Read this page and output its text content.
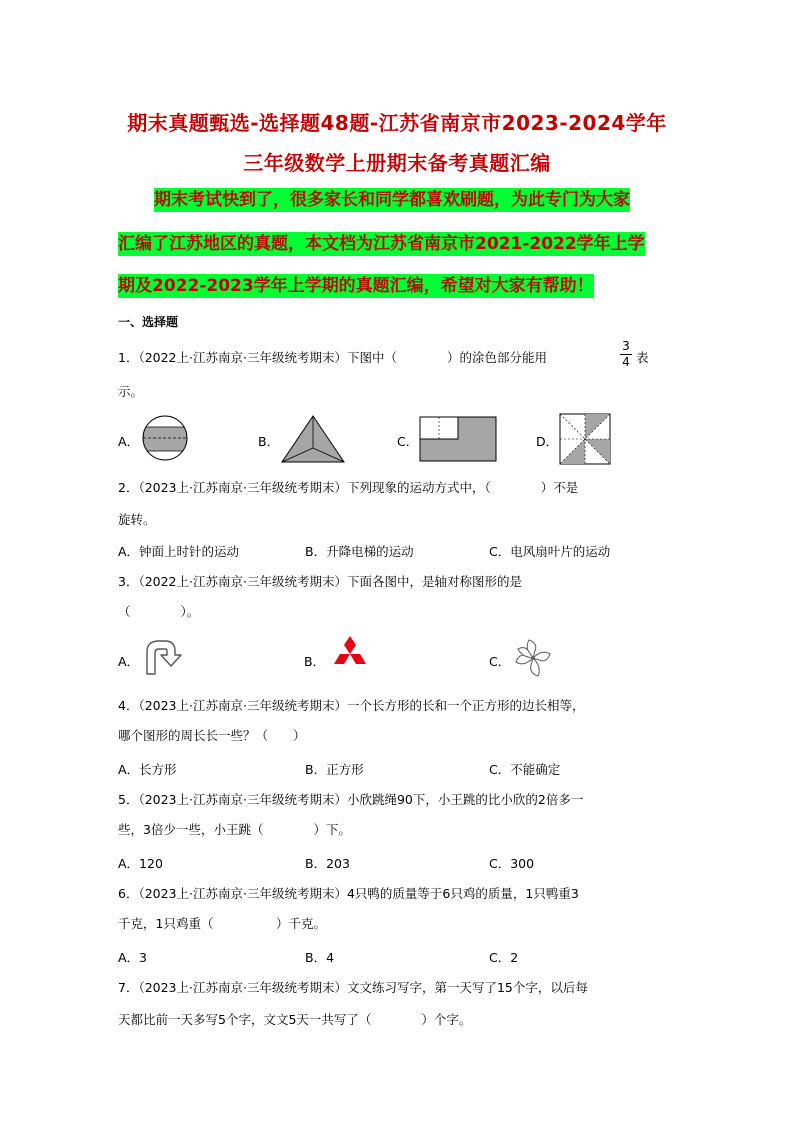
期末真题甄选-选择题48题-江苏省南京市2023-2024学年
三年级数学上册期末备考真题汇编
期末考试快到了，很多家长和同学都喜欢刷题，为此专门为大家
汇编了江苏地区的真题，本文档为江苏省南京市2021-2022学年上学
期及2022-2023学年上学期的真题汇编，希望对大家有帮助！
一、选择题
1．（2022上·江苏南京·三年级统考期末）下图中（　　　　）的涂色部分能用
3
4 表
示。
A．	B．	C．	D．
2．（2023上·江苏南京·三年级统考期末）下列现象的运动方式中，（　　　　）不是
旋转。
A．钟面上时针的运动	B．升降电梯的运动	C．电风扇叶片的运动
3．（2022上·江苏南京·三年级统考期末）下面各图中，是轴对称图形的是
（　　　　）。
A．	B．	C．
4．（2023上·江苏南京·三年级统考期末）一个长方形的长和一个正方形的边长相等，
哪个图形的周长长一些？（　　）
A．长方形	B．正方形	C．不能确定
5．（2023上·江苏南京·三年级统考期末）小欣跳绳90下，小王跳的比小欣的2倍多一
些，3倍少一些，小王跳（　　　　）下。
A．120	B．203	C．300
6．（2023上·江苏南京·三年级统考期末）4只鸭的质量等于6只鸡的质量，1只鸭重3
千克，1只鸡重（　　　　　）千克。
A．3	B．4	C．2
7．（2023上·江苏南京·三年级统考期末）文文练习写字，第一天写了15个字，以后每
天都比前一天多写5个字，文文5天一共写了（　　　　）个字。
